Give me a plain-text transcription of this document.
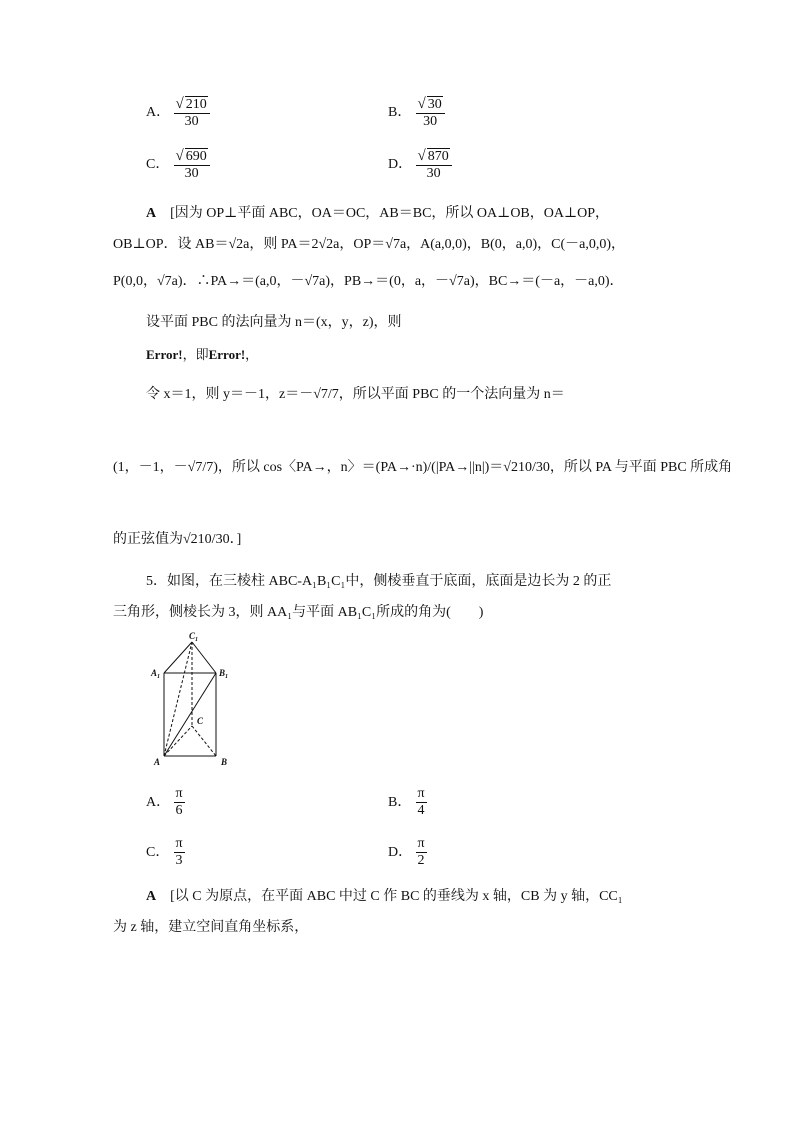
A． $\frac{√ 210}{30}$	B． $\frac{√ 30}{30}$
C． $\frac{√ 690}{30}$	D． $\frac{√ 870}{30}$
A　 [因为 OP⊥平面 ABC，OA＝OC，AB＝BC，所以 OA⊥OB，OA⊥OP，
OB⊥OP．设 AB＝√2a，则 PA＝2√2a，OP＝√7a，A(a,0,0)，B(0，a,0)，C(－a,0,0)，
P(0,0，√7a)．∴PA→＝(a,0，－√7a)，PB→＝(0，a，－√7a)，BC→＝(－a，－a,0)．
设平面 PBC 的法向量为 n＝(x，y，z)，则
Error!，即Error!，
令 x＝1，则 y＝－1，z＝－√7/7，所以平面 PBC 的一个法向量为 n＝
(1，－1，－√7/7)，所以 cos〈PA→，n〉＝(PA→·n)/(|PA→||n|)＝√210/30，所以 PA 与平面 PBC 所成角
的正弦值为√210/30．]
5．如图，在三棱柱 ABC-A₁B₁C₁中，侧棱垂直于底面，底面是边长为 2 的正
三角形，侧棱长为 3，则 AA₁与平面 AB₁C₁所成的角为(　　)
$C_1$
$A_1$	$B_1$
C
A	B
A． $\frac{\pi}{6}$	B． $\frac{\pi}{4}$
C． $\frac{\pi}{3}$	D． $\frac{\pi}{2}$
A　 [以 C 为原点，在平面 ABC 中过 C 作 BC 的垂线为 x 轴，CB 为 y 轴，CC₁
为 z 轴，建立空间直角坐标系，
